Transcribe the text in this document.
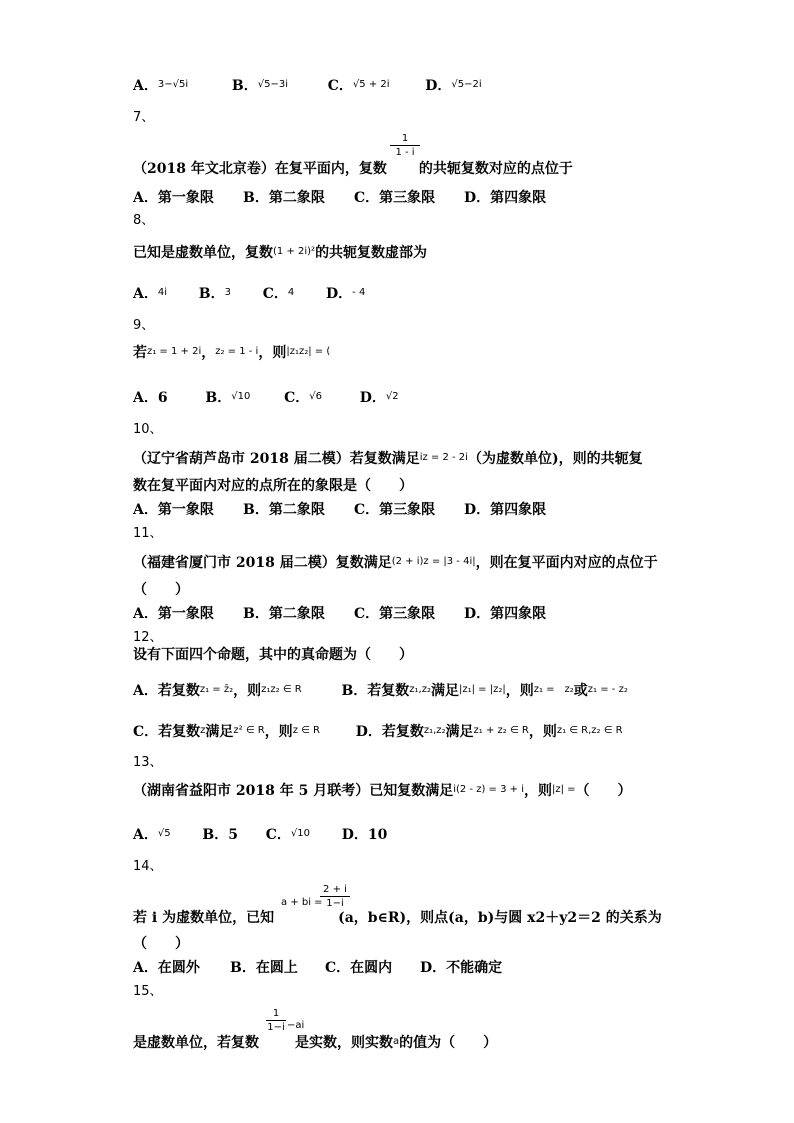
A．$^{3-√5i}$	B．$^{√5-3i}$	C．$^{√5 + 2i}$	D．$^{√5-2i}$
7、
1
1 - i
（2018 年文北京卷）在复平面内，复数 的共轭复数对应的点位于
A．第一象限 B．第二象限 C．第三象限 D．第四象限
8、
已知是虚数单位，复数$^{(1 + 2i)^2}$的共轭复数虚部为
A．$^{4i}$ B．$^3$ C．$^4$ D．$^{- 4}$
9、
若$^{z_1 = 1 + 2i}$，$^{z_2 = 1 - i}$，则$^{|z_1z_2| = (}$
A．6	B．$^{√10}$ C．$^{√6}$	D．$^{√2}$
10、
（辽宁省葫芦岛市 2018 届二模）若复数满足$^{iz = 2 - 2i}$（为虚数单位)，则的共轭复
数在复平面内对应的点所在的象限是（　　）
A．第一象限 B．第二象限 C．第三象限 D．第四象限
11、
（福建省厦门市 2018 届二模）复数满足$^{(2 + i)z = |3 - 4i|}$，则在复平面内对应的点位于
（　　）
A．第一象限 B．第二象限 C．第三象限 D．第四象限
12、
设有下面四个命题，其中的真命题为（　　）
A．若复数$^{z_1 = z̄_2}$，则$^{z_1z_2 \in R}$	B．若复数$^{z_1,z_2}$满足$^{|z_1| = |z_2|}$，则$^{z_1 = z_2}$或$^{z_1 = - z_2}$
C．若复数$^z$满足$^{z^2 \in R}$，则$^{z \in R}$	D．若复数$^{z_1,z_2}$满足$^{z_1 + z_2 \in R}$，则$^{z_1 \in R,z_2 \in R}$
13、
（湖南省益阳市 2018 年 5 月联考）已知复数满足$^{i(2 - z) = 3 + i}$，则$^{|z| =}$（　　）
A．$^{√5}$ B．5 C．$^{√10}$ D．10
14、
a + bi =
2 + i
1−i
若 i 为虚数单位，已知	(a，b∈R)，则点(a，b)与圆 x2＋y2＝2 的关系为
（　　）
A．在圆外 B．在圆上 C．在圆内 D．不能确定
15、
1
1−i −ai
是虚数单位，若复数	是实数，则实数$^a$的值为（　　）
